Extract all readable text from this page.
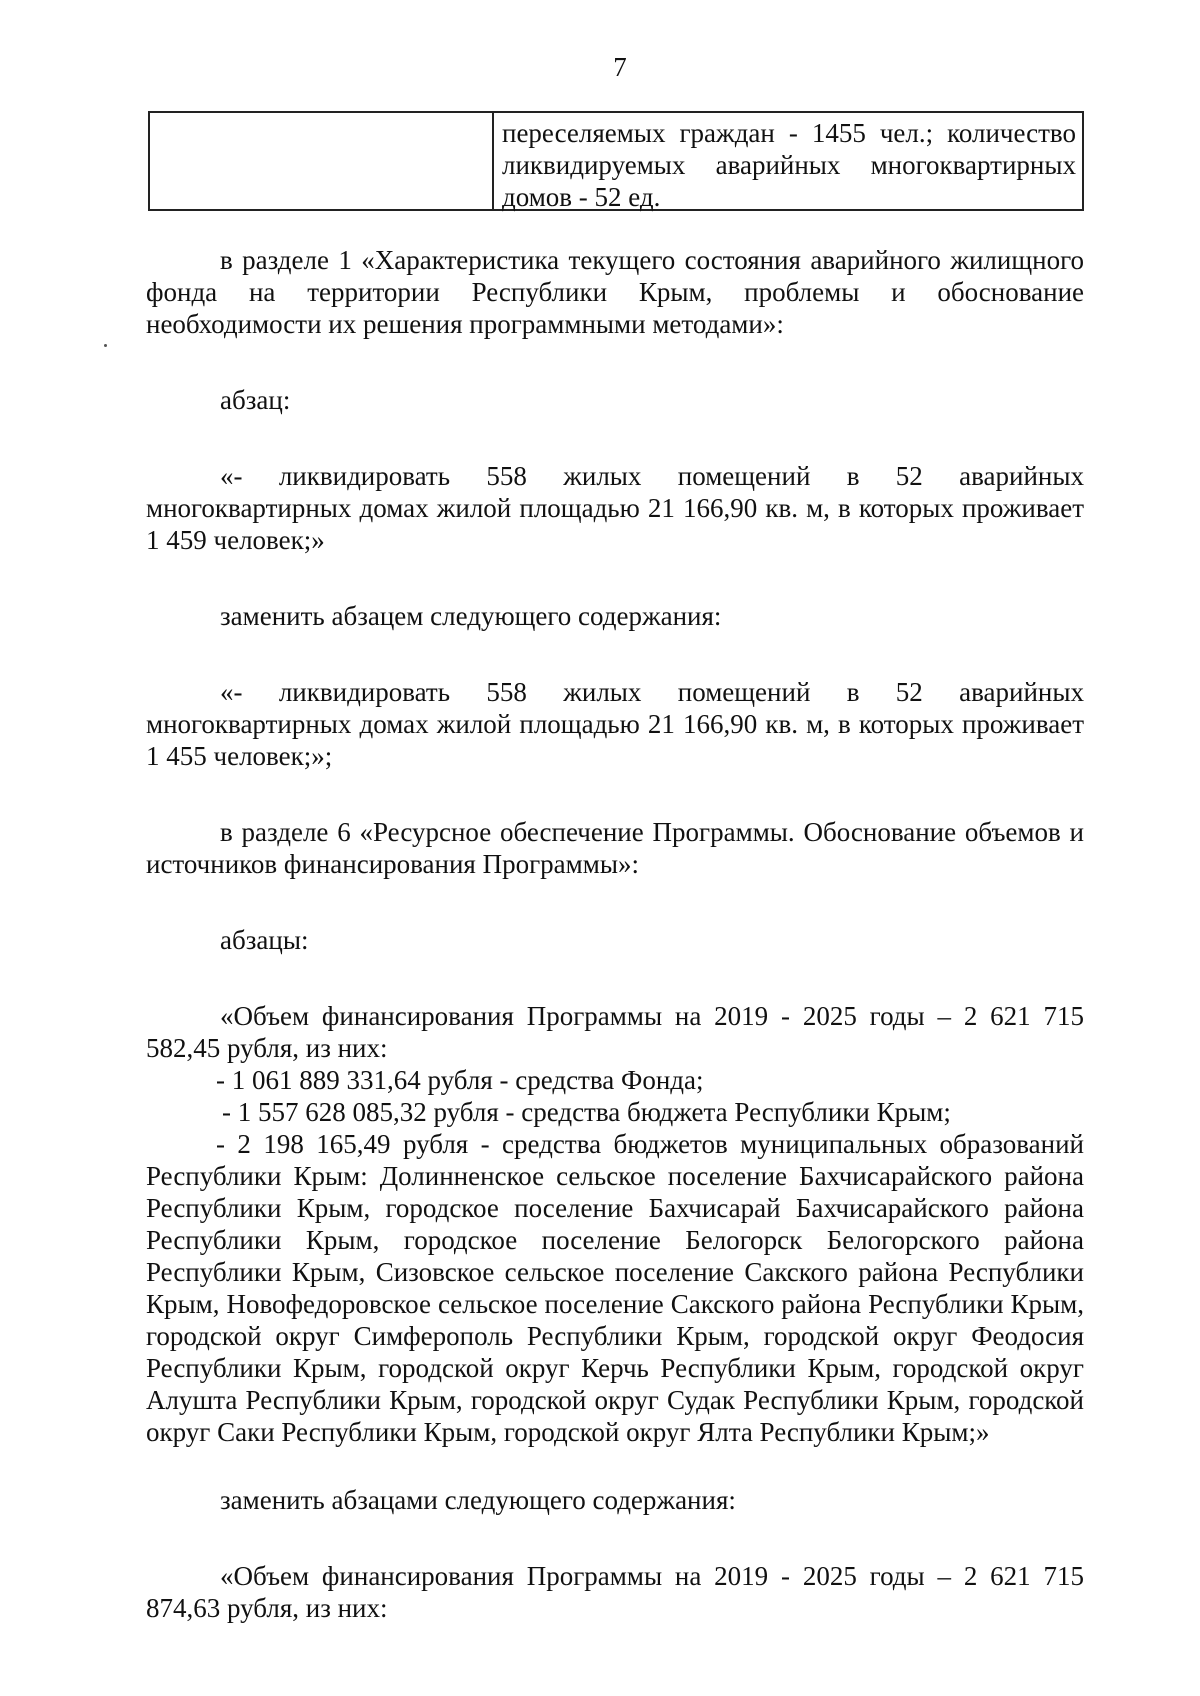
7
переселяемых граждан - 1455 чел.; количество ликвидируемых аварийных многоквартирных домов - 52 ед.

в разделе 1 «Характеристика текущего состояния аварийного жилищного фонда на территории Республики Крым, проблемы и обоснование необходимости их решения программными методами»:

абзац:

«- ликвидировать 558 жилых помещений в 52 аварийных многоквартирных домах жилой площадью 21 166,90 кв. м, в которых проживает 1 459 человек;»

заменить абзацем следующего содержания:

«- ликвидировать 558 жилых помещений в 52 аварийных многоквартирных домах жилой площадью 21 166,90 кв. м, в которых проживает 1 455 человек;»;

в разделе 6 «Ресурсное обеспечение Программы. Обоснование объемов и источников финансирования Программы»:

абзацы:

«Объем финансирования Программы на 2019 - 2025 годы – 2 621 715 582,45 рубля, из них:

- 1 061 889 331,64 рубля - средства Фонда;

- 1 557 628 085,32 рубля - средства бюджета Республики Крым;

- 2 198 165,49 рубля - средства бюджетов муниципальных образований Республики Крым: Долинненское сельское поселение Бахчисарайского района Республики Крым, городское поселение Бахчисарай Бахчисарайского района Республики Крым, городское поселение Белогорск Белогорского района Республики Крым, Сизовское сельское поселение Сакского района Республики Крым, Новофедоровское сельское поселение Сакского района Республики Крым, городской округ Симферополь Республики Крым, городской округ Феодосия Республики Крым, городской округ Керчь Республики Крым, городской округ Алушта Республики Крым, городской округ Судак Республики Крым, городской округ Саки Республики Крым, городской округ Ялта Республики Крым;»

заменить абзацами следующего содержания:

«Объем финансирования Программы на 2019 - 2025 годы – 2 621 715 874,63 рубля, из них:
